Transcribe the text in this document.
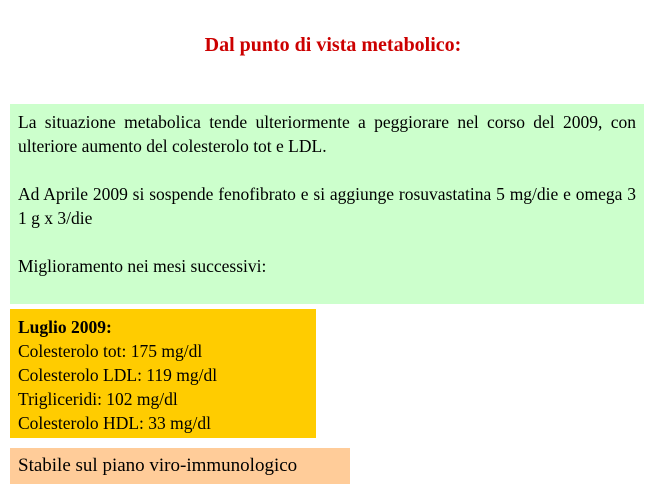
Dal punto di vista metabolico:

La situazione metabolica tende ulteriormente a peggiorare nel corso del 2009, con ulteriore aumento del colesterolo tot e LDL.

Ad Aprile 2009 si sospende fenofibrato e si aggiunge rosuvastatina 5 mg/die e omega 3 1 g x 3/die

Miglioramento nei mesi successivi:

Luglio 2009:
Colesterolo tot: 175 mg/dl
Colesterolo LDL: 119 mg/dl
Trigliceridi: 102 mg/dl
Colesterolo HDL: 33 mg/dl
Stabile sul piano viro-immunologico
